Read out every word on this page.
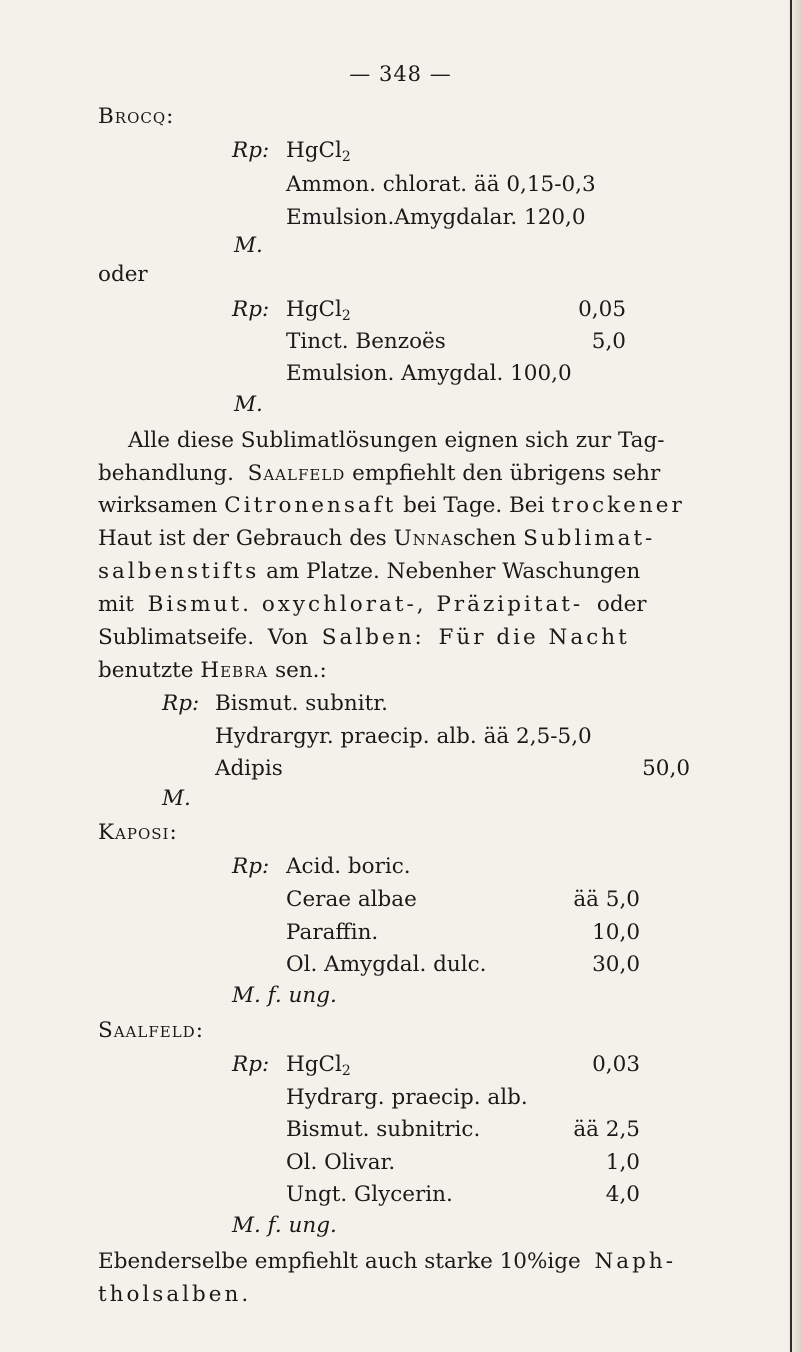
— 348 —
Brocq:
Rp: HgCl$_2$
Ammon. chlorat. ää 0,15-0,3
Emulsion.Amygdalar. 120,0
M.
oder
Rp: HgCl$_2$	0,05
Tinct. Benzoës	5,0
Emulsion. Amygdal. 100,0
M.
Alle diese Sublimatlösungen eignen sich zur Tag-
behandlung. Saalfeld empfiehlt den übrigens sehr
wirksamen Citronensaft bei Tage. Bei trockener
Haut ist der Gebrauch des Unnaschen Sublimat-
salbenstifts am Platze. Nebenher Waschungen
mit Bismut. oxychlorat-, Präzipitat- oder
Sublimatseife. Von Salben: Für die Nacht
benutzte Hebra sen.:
Rp: Bismut. subnitr.
Hydrargyr. praecip. alb. ää 2,5-5,0
Adipis	50,0
M.
Kaposi:
Rp: Acid. boric.
Cerae albae	ää 5,0
Paraffin.	10,0
Ol. Amygdal. dulc.	30,0
M. f. ung.
Saalfeld:
Rp: HgCl$_2$	0,03
Hydrarg. praecip. alb.
Bismut. subnitric.	ää 2,5
Ol. Olivar.	1,0
Ungt. Glycerin.	4,0
M. f. ung.
Ebenderselbe empfiehlt auch starke 10%ige Naph-
tholsalben.
